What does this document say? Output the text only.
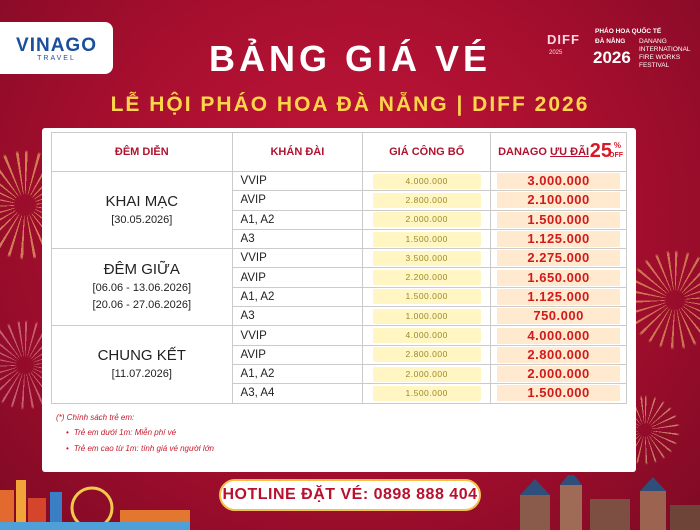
VINAGO
TRAVEL	BẢNG GIÁ VÉ
LỄ HỘI PHÁO HOA ĐÀ NẴNG | DIFF 2026
DIFF
2025
PHÁO HOA QUỐC TẾ
ĐÀ NẴNG
2026
DANANG INTERNATIONAL FIRE WORKS FESTIVAL
ĐÊM DIỄN	KHÁN ĐÀI	GIÁ CÔNG BỐ	DANAGO ƯU ĐÃI 25 %
OFF

KHAI MẠC
[30.05.2026]	VVIP	4.000.000	3.000.000
	AVIP	2.800.000	2.100.000
	A1, A2	2.000.000	1.500.000
	A3	1.500.000	1.125.000

ĐÊM GIỮA
[06.06 - 13.06.2026]
[20.06 - 27.06.2026]	VVIP	3.500.000	2.275.000
	AVIP	2.200.000	1.650.000
	A1, A2	1.500.000	1.125.000
	A3	1.000.000	750.000

CHUNG KẾT
[11.07.2026]	VVIP	4.000.000	4.000.000
	AVIP	2.800.000	2.800.000
	A1, A2	2.000.000	2.000.000
	A3, A4	1.500.000	1.500.000
(*) Chính sách trẻ em:
• Trẻ em dưới 1m: Miễn phí vé
• Trẻ em cao từ 1m: tính giá vé người lớn
HOTLINE ĐẶT VÉ: 0898 888 404
